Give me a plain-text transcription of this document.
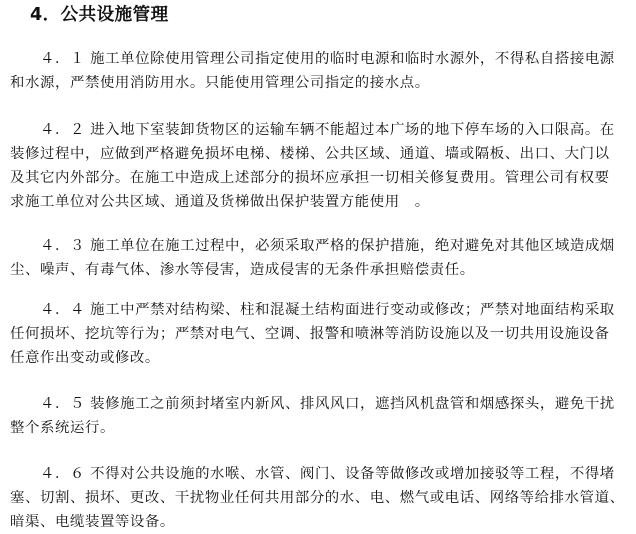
4．公共设施管理

　　４．１ 施工单位除使用管理公司指定使用的临时电源和临时水源外，不得私自搭接电源
和水源，严禁使用消防用水。只能使用管理公司指定的接水点。

　　４．２ 进入地下室装卸货物区的运输车辆不能超过本广场的地下停车场的入口限高。在
装修过程中，应做到严格避免损坏电梯、楼梯、公共区域、通道、墙或隔板、出口、大门以
及其它内外部分。在施工中造成上述部分的损坏应承担一切相关修复费用。管理公司有权要
求施工单位对公共区域、通道及货梯做出保护装置方能使用　。

　　４．３ 施工单位在施工过程中，必须采取严格的保护措施，绝对避免对其他区域造成烟
尘、噪声、有毒气体、渗水等侵害，造成侵害的无条件承担赔偿责任。

　　４．４ 施工中严禁对结构梁、柱和混凝土结构面进行变动或修改；严禁对地面结构采取
任何损坏、挖坑等行为；严禁对电气、空调、报警和喷淋等消防设施以及一切共用设施设备
任意作出变动或修改。

　　４．５ 装修施工之前须封堵室内新风、排风风口，遮挡风机盘管和烟感探头，避免干扰
整个系统运行。

　　４．６ 不得对公共设施的水喉、水管、阀门、设备等做修改或增加接驳等工程，不得堵
塞、切割、损坏、更改、干扰物业任何共用部分的水、电、燃气或电话、网络等给排水管道、
暗渠、电缆装置等设备。
